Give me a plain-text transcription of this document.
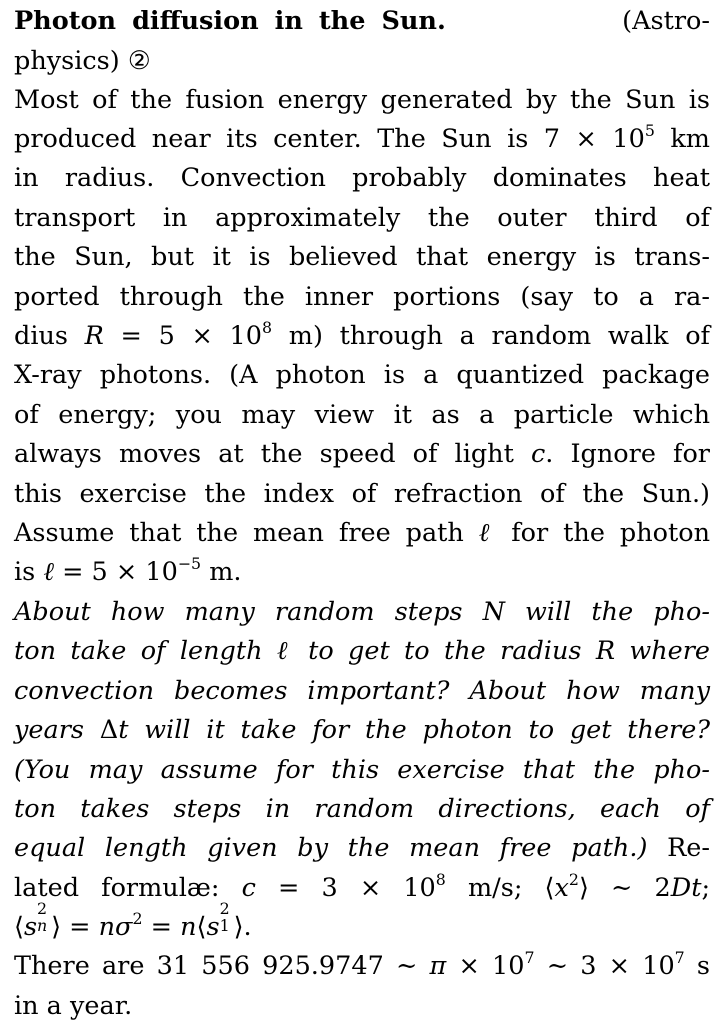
Photon diffusion in the Sun.	(Astro-
physics) ②
Most of the fusion energy generated by the Sun is
produced near its center. The Sun is $7 \times 10^5$ km
in radius. Convection probably dominates heat
transport in approximately the outer third of
the Sun, but it is believed that energy is trans-
ported through the inner portions (say to a ra-
dius $R = 5 \times 10^8$ m) through a random walk of
X-ray photons. (A photon is a quantized package
of energy; you may view it as a particle which
always moves at the speed of light c. Ignore for
this exercise the index of refraction of the Sun.)
Assume that the mean free path ℓ for the photon
is ℓ = $5 \times 10^{-5}$ m.
About how many random steps N will the pho-
ton take of length ℓ to get to the radius R where
convection becomes important? About how many
years Δt will it take for the photon to get there?
(You may assume for this exercise that the pho-
ton takes steps in random directions, each of
equal length given by the mean free path.) Re-
lated formulæ: $c = 3 \times 10^8$ m/s; $⟨x^2⟩$ ∼ 2Dt;
⟨s
2
n ⟩ = $n\sigma^2$ = n⟨s
2
1 ⟩.
There are 31 556 925.9747 ∼ $\pi \times 10^7$ ∼ $3 \times 10^7$ s
in a year.
